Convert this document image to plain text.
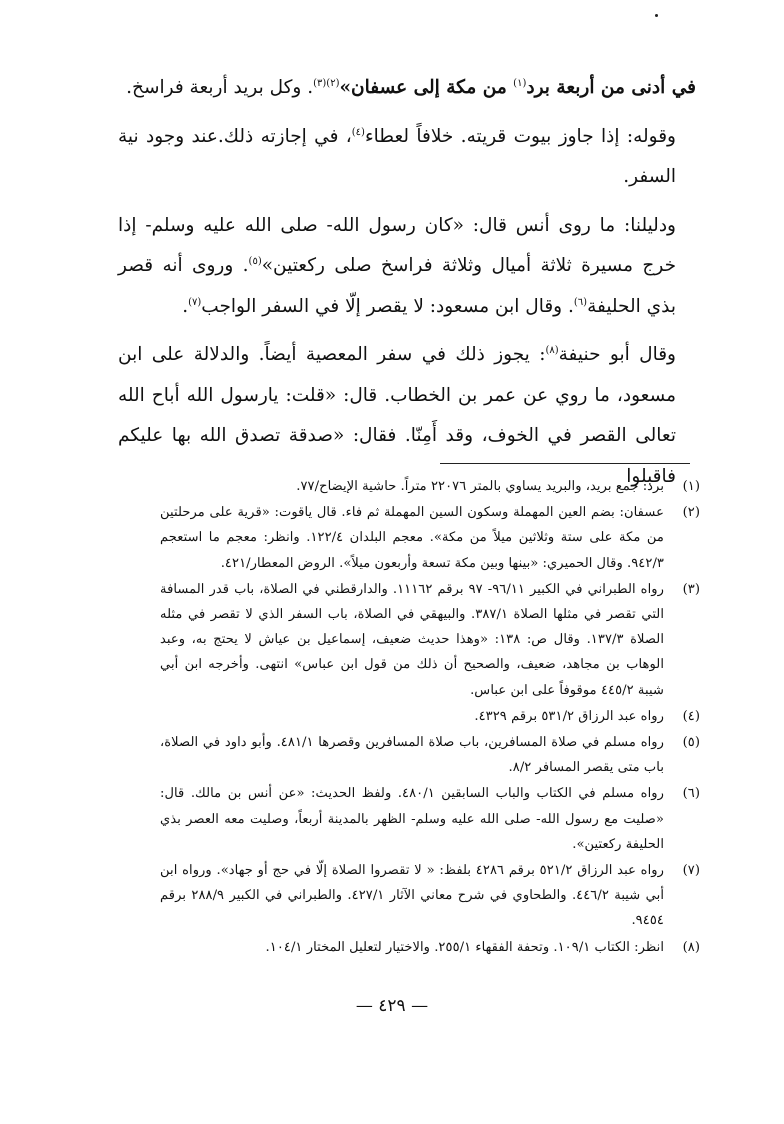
في أدنى من أربعة برد$^{(١)}$ من مكة إلى عسفان»$^{(٢)(٣)}$. وكل بريد أربعة فراسخ.

وقوله: إذا جاوز بيوت قريته. خلافاً لعطاء$^{(٤)}$، في إجازته ذلك.عند وجود نية السفر.

ودليلنا: ما روى أنس قال: «كان رسول الله‐ صلى الله عليه وسلم‐ إذا خرج مسيرة ثلاثة أميال وثلاثة فراسخ صلى ركعتين»$^{(٥)}$. وروى أنه قصر بذي الحليفة$^{(٦)}$. وقال ابن مسعود: لا يقصر إلّا في السفر الواجب$^{(٧)}$.

وقال أبو حنيفة$^{(٨)}$: يجوز ذلك في سفر المعصية أيضاً. والدلالة على ابن مسعود، ما روي عن عمر بن الخطاب. قال: «قلت: يارسول الله أباح الله تعالى القصر في الخوف، وقد أَمِنّا. فقال: «صدقة تصدق الله بها عليكم فاقبلوا (١)
برد: جمع بريد، والبريد يساوي بالمتر ٢٢٠٧٦ متراً. حاشية الإيضاح/٧٧.
(٢)
عسفان: بضم العين المهملة وسكون السين المهملة ثم فاء. قال ياقوت: «قرية على مرحلتين من مكة على ستة وثلاثين ميلاً من مكة». معجم البلدان ١٢٢/٤. وانظر: معجم ما استعجم ٩٤٢/٣. وقال الحميري: «بينها وبين مكة تسعة وأربعون ميلاً». الروض المعطار/٤٢١.
(٣)
رواه الطبراني في الكبير ٩٦/١١- ٩٧ برقم ١١١٦٢. والدارقطني في الصلاة، باب قدر المسافة التي تقصر في مثلها الصلاة ٣٨٧/١. والبيهقي في الصلاة، باب السفر الذي لا تقصر في مثله الصلاة ١٣٧/٣. وقال ص: ١٣٨: «وهذا حديث ضعيف، إسماعيل بن عياش لا يحتج به، وعبد الوهاب بن مجاهد، ضعيف، والصحيح أن ذلك من قول ابن عباس» انتهى. وأخرجه ابن أبي شيبة ٤٤٥/٢ موقوفاً على ابن عباس.
(٤)
رواه عبد الرزاق ٥٣١/٢ برقم ٤٣٢٩.
(٥)
رواه مسلم في صلاة المسافرين، باب صلاة المسافرين وقصرها ٤٨١/١. وأبو داود في الصلاة، باب متى يقصر المسافر ٨/٢.
(٦)
رواه مسلم في الكتاب والباب السابقين ٤٨٠/١. ولفظ الحديث: «عن أنس بن مالك. قال: «صليت مع رسول الله‐ صلى الله عليه وسلم‐ الظهر بالمدينة أربعاً، وصليت معه العصر بذي الحليفة ركعتين».
(٧)
رواه عبد الرزاق ٥٢١/٢ برقم ٤٢٨٦ بلفظ: « لا تقصروا الصلاة إلّا في حج أو جهاد». ورواه ابن أبي شيبة ٤٤٦/٢. والطحاوي في شرح معاني الآثار ٤٢٧/١. والطبراني في الكبير ٢٨٨/٩ برقم ٩٤٥٤.
(٨)
انظر: الكتاب ١٠٩/١. وتحفة الفقهاء ٢٥٥/١. والاختيار لتعليل المختار ١٠٤/١.
— ٤٢٩ —
